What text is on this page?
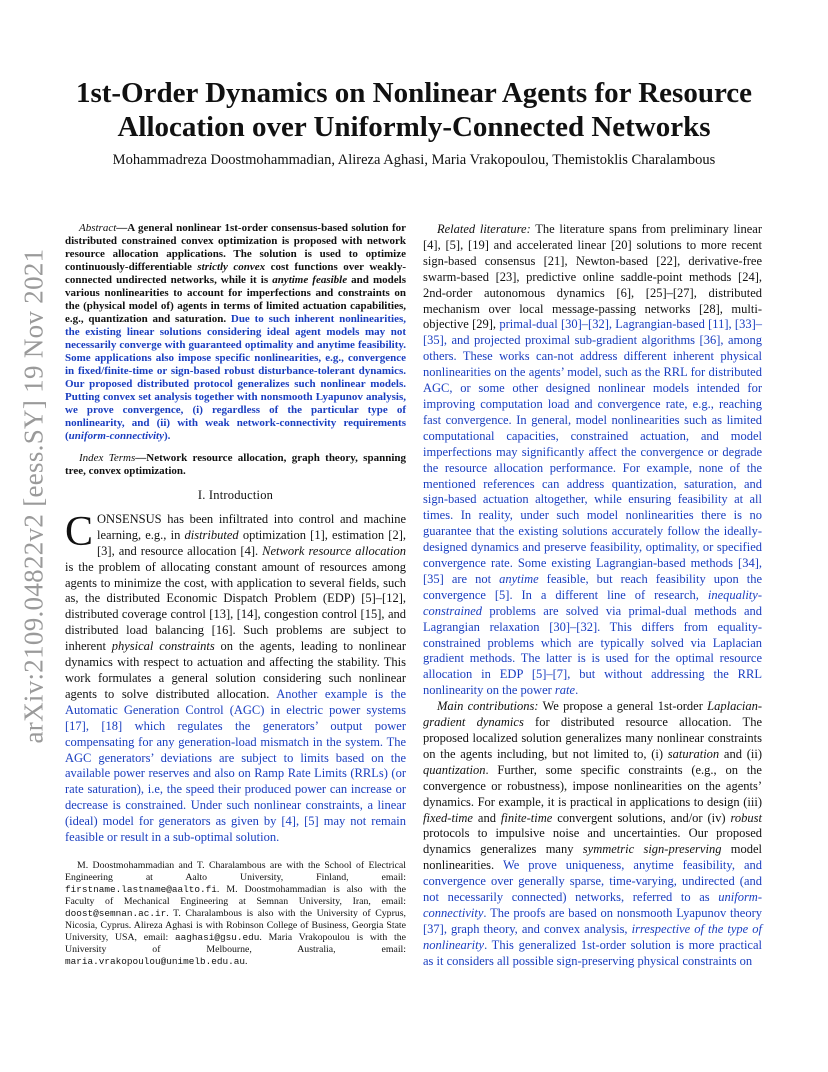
arXiv:2109.04822v2 [eess.SY] 19 Nov 2021
1st-Order Dynamics on Nonlinear Agents for Resource Allocation over Uniformly-Connected Networks
Mohammadreza Doostmohammadian, Alireza Aghasi, Maria Vrakopoulou, Themistoklis Charalambous

Abstract—A general nonlinear 1st-order consensus-based solution for distributed constrained convex optimization is proposed with network resource allocation applications. The solution is used to optimize continuously-differentiable strictly convex cost functions over weakly-connected undirected networks, while it is anytime feasible and models various nonlinearities to account for imperfections and constraints on the (physical model of) agents in terms of limited actuation capabilities, e.g., quantization and saturation. Due to such inherent nonlinearities, the existing linear solutions considering ideal agent models may not necessarily converge with guaranteed optimality and anytime feasibility. Some applications also impose specific nonlinearities, e.g., convergence in fixed/finite-time or sign-based robust disturbance-tolerant dynamics. Our proposed distributed protocol generalizes such nonlinear models. Putting convex set analysis together with nonsmooth Lyapunov analysis, we prove convergence, (i) regardless of the particular type of nonlinearity, and (ii) with weak network-connectivity requirements (uniform-connectivity).

Index Terms—Network resource allocation, graph theory, spanning tree, convex optimization.

I. Introduction

CONSENSUS has been infiltrated into control and machine learning, e.g., in distributed optimization [1], estimation [2], [3], and resource allocation [4]. Network resource allocation is the problem of allocating constant amount of resources among agents to minimize the cost, with application to several fields, such as, the distributed Economic Dispatch Problem (EDP) [5]–[12], distributed coverage control [13], [14], congestion control [15], and distributed load balancing [16]. Such problems are subject to inherent physical constraints on the agents, leading to nonlinear dynamics with respect to actuation and affecting the stability. This work formulates a general solution considering such nonlinear agents to solve distributed allocation. Another example is the Automatic Generation Control (AGC) in electric power systems [17], [18] which regulates the generators’ output power compensating for any generation-load mismatch in the system. The AGC generators’ deviations are subject to limits based on the available power reserves and also on Ramp Rate Limits (RRLs) (or rate saturation), i.e, the speed their produced power can increase or decrease is constrained. Under such nonlinear constraints, a linear (ideal) model for generators as given by [4], [5] may not remain feasible or result in a sub-optimal solution.

M. Doostmohammadian and T. Charalambous are with the School of Electrical Engineering at Aalto University, Finland, email: firstname.lastname@aalto.fi. M. Doostmohammadian is also with the Faculty of Mechanical Engineering at Semnan University, Iran, email: doost@semnan.ac.ir. T. Charalambous is also with the University of Cyprus, Nicosia, Cyprus. Alireza Aghasi is with Robinson College of Business, Georgia State University, USA, email: aaghasi@gsu.edu. Maria Vrakopoulou is with the University of Melbourne, Australia, email: maria.vrakopoulou@unimelb.edu.au.

Related literature: The literature spans from preliminary linear [4], [5], [19] and accelerated linear [20] solutions to more recent sign-based consensus [21], Newton-based [22], derivative-free swarm-based [23], predictive online saddle-point methods [24], 2nd-order autonomous dynamics [6], [25]–[27], distributed mechanism over local message-passing networks [28], multi-objective [29], primal-dual [30]–[32], Lagrangian-based [11], [33]–[35], and projected proximal sub-gradient algorithms [36], among others. These works can-not address different inherent physical nonlinearities on the agents’ model, such as the RRL for distributed AGC, or some other designed nonlinear models intended for improving computation load and convergence rate, e.g., reaching fast convergence. In general, model nonlinearities such as limited computational capacities, constrained actuation, and model imperfections may significantly affect the convergence or degrade the resource allocation performance. For example, none of the mentioned references can address quantization, saturation, and sign-based actuation altogether, while ensuring feasibility at all times. In reality, under such model nonlinearities there is no guarantee that the existing solutions accurately follow the ideally-designed dynamics and preserve feasibility, optimality, or specified convergence rate. Some existing Lagrangian-based methods [34], [35] are not anytime feasible, but reach feasibility upon the convergence [5]. In a different line of research, inequality-constrained problems are solved via primal-dual methods and Lagrangian relaxation [30]–[32]. This differs from equality-constrained problems which are typically solved via Laplacian gradient methods. The latter is is used for the optimal resource allocation in EDP [5]–[7], but without addressing the RRL nonlinearity on the power rate.

Main contributions: We propose a general 1st-order Laplacian-gradient dynamics for distributed resource allocation. The proposed localized solution generalizes many nonlinear constraints on the agents including, but not limited to, (i) saturation and (ii) quantization. Further, some specific constraints (e.g., on the convergence or robustness), impose nonlinearities on the agents’ dynamics. For example, it is practical in applications to design (iii) fixed-time and finite-time convergent solutions, and/or (iv) robust protocols to impulsive noise and uncertainties. Our proposed dynamics generalizes many symmetric sign-preserving model nonlinearities. We prove uniqueness, anytime feasibility, and convergence over generally sparse, time-varying, undirected (and not necessarily connected) networks, referred to as uniform-connectivity. The proofs are based on nonsmooth Lyapunov theory [37], graph theory, and convex analysis, irrespective of the type of nonlinearity. This generalized 1st-order solution is more practical as it considers all possible sign-preserving physical constraints on
